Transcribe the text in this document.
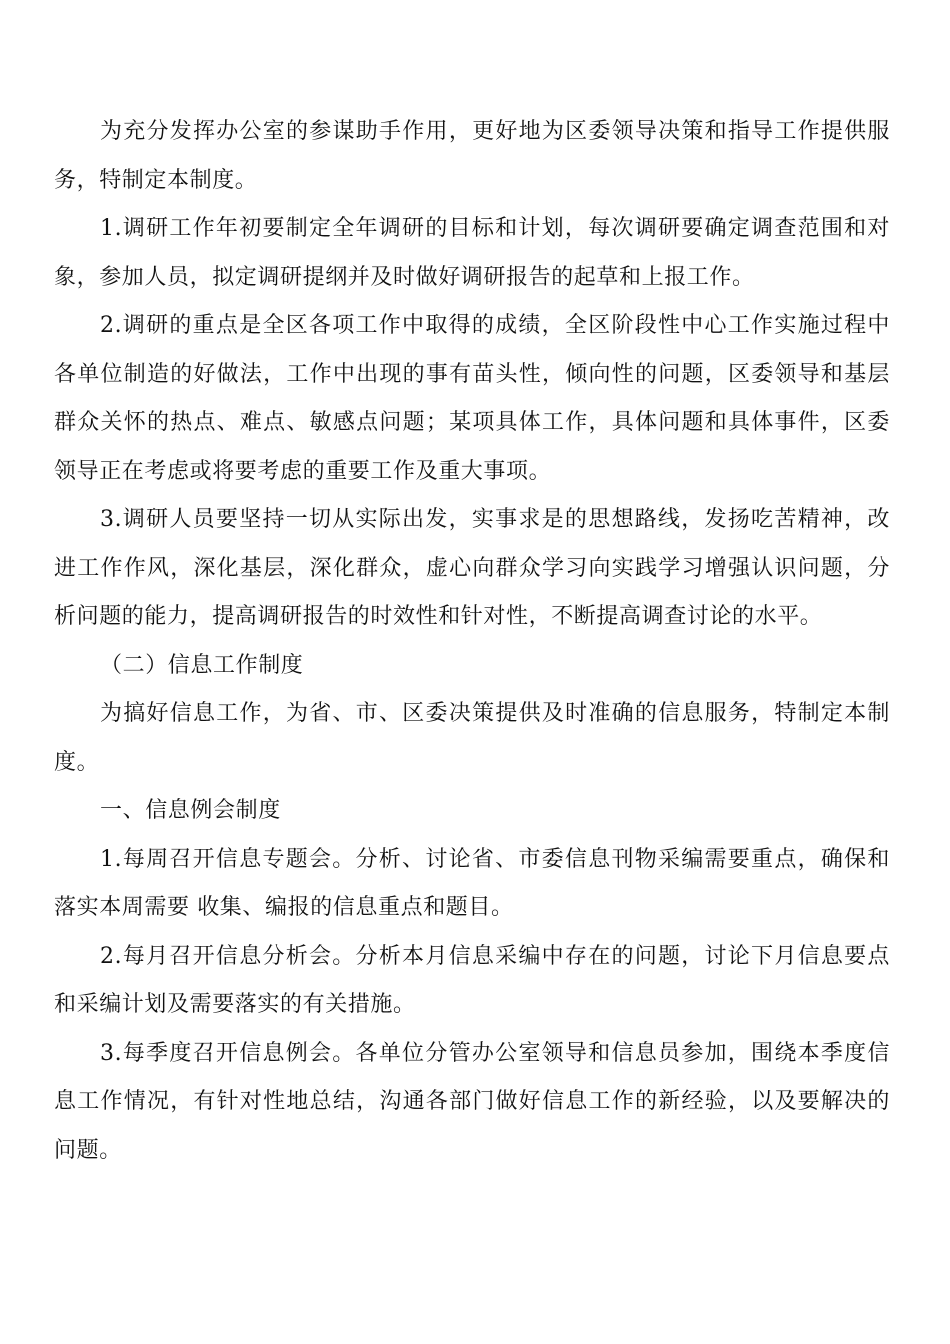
为充分发挥办公室的参谋助手作用，更好地为区委领导决策和指导工作提供服务，特制定本制度。

1.调研工作年初要制定全年调研的目标和计划，每次调研要确定调查范围和对象，参加人员，拟定调研提纲并及时做好调研报告的起草和上报工作。

2.调研的重点是全区各项工作中取得的成绩，全区阶段性中心工作实施过程中各单位制造的好做法，工作中出现的事有苗头性，倾向性的问题，区委领导和基层群众关怀的热点、难点、敏感点问题；某项具体工作，具体问题和具体事件，区委领导正在考虑或将要考虑的重要工作及重大事项。

3.调研人员要坚持一切从实际出发，实事求是的思想路线，发扬吃苦精神，改进工作作风，深化基层，深化群众，虚心向群众学习向实践学习增强认识问题，分析问题的能力，提高调研报告的时效性和针对性，不断提高调查讨论的水平。

（二）信息工作制度

为搞好信息工作，为省、市、区委决策提供及时准确的信息服务，特制定本制度。

一、信息例会制度

1.每周召开信息专题会。分析、讨论省、市委信息刊物采编需要重点，确保和落实本周需要 收集、编报的信息重点和题目。

2.每月召开信息分析会。分析本月信息采编中存在的问题，讨论下月信息要点和采编计划及需要落实的有关措施。

3.每季度召开信息例会。各单位分管办公室领导和信息员参加，围绕本季度信息工作情况，有针对性地总结，沟通各部门做好信息工作的新经验，以及要解决的问题。
